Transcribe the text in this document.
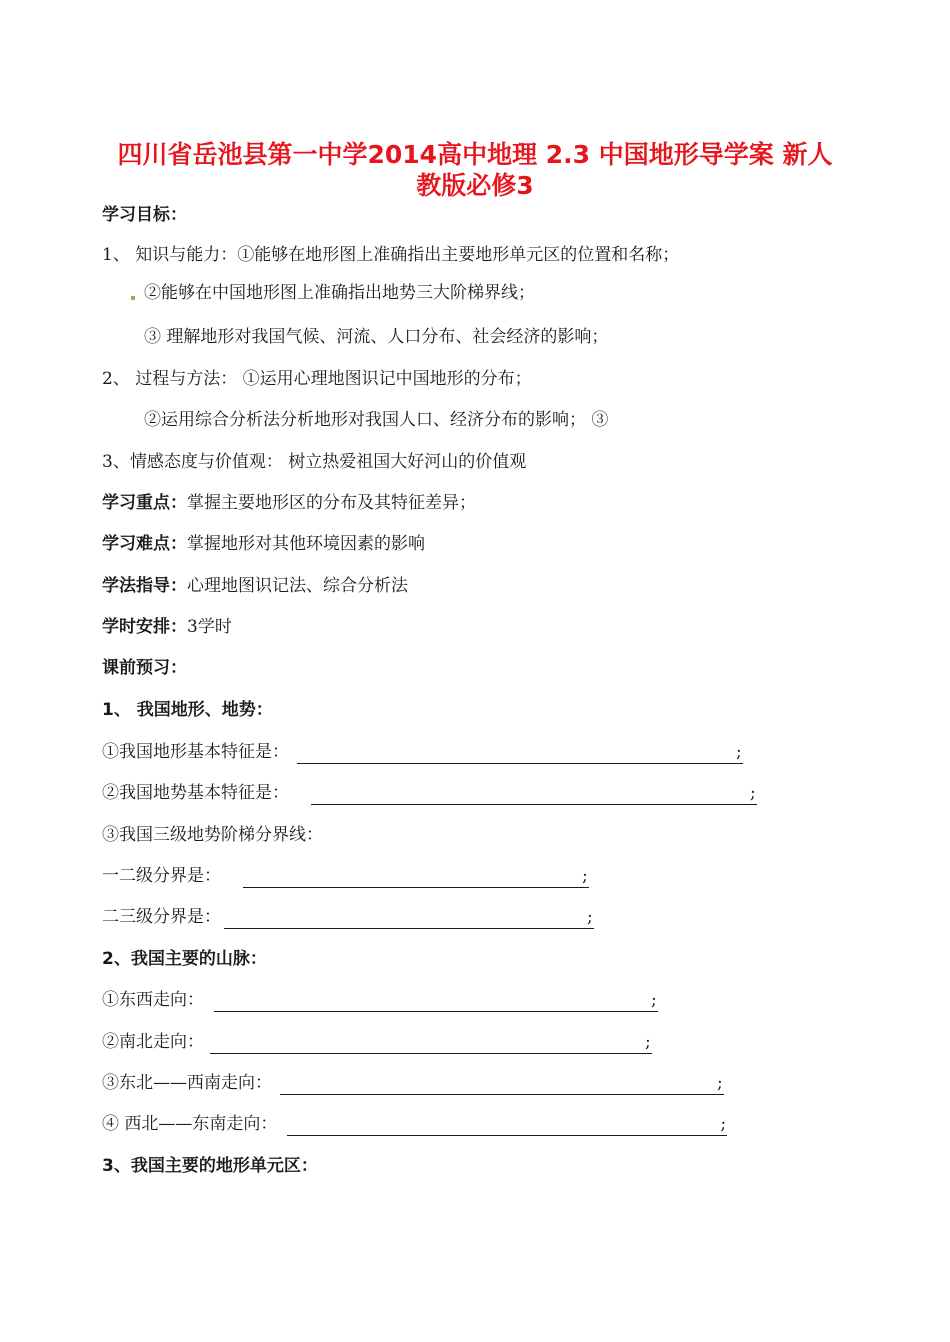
四川省岳池县第一中学2014高中地理 2.3 中国地形导学案 新人
教版必修3
学习目标：
1、 知识与能力：①能够在地形图上准确指出主要地形单元区的位置和名称；
②能够在中国地形图上准确指出地势三大阶梯界线；
③ 理解地形对我国气候、河流、人口分布、社会经济的影响；
2、 过程与方法： ①运用心理地图识记中国地形的分布；
②运用综合分析法分析地形对我国人口、经济分布的影响； ③
3、情感态度与价值观： 树立热爱祖国大好河山的价值观
学习重点：掌握主要地形区的分布及其特征差异；
学习难点：掌握地形对其他环境因素的影响
学法指导：心理地图识记法、综合分析法
学时安排：3学时
课前预习：
1、 我国地形、地势：
①我国地形基本特征是：	;
②我国地势基本特征是：	;
③我国三级地势阶梯分界线：
一二级分界是：	;
二三级分界是：	;
2、我国主要的山脉：
①东西走向：	;
②南北走向：	;
③东北——西南走向：	;
④ 西北——东南走向：	;
3、我国主要的地形单元区：
